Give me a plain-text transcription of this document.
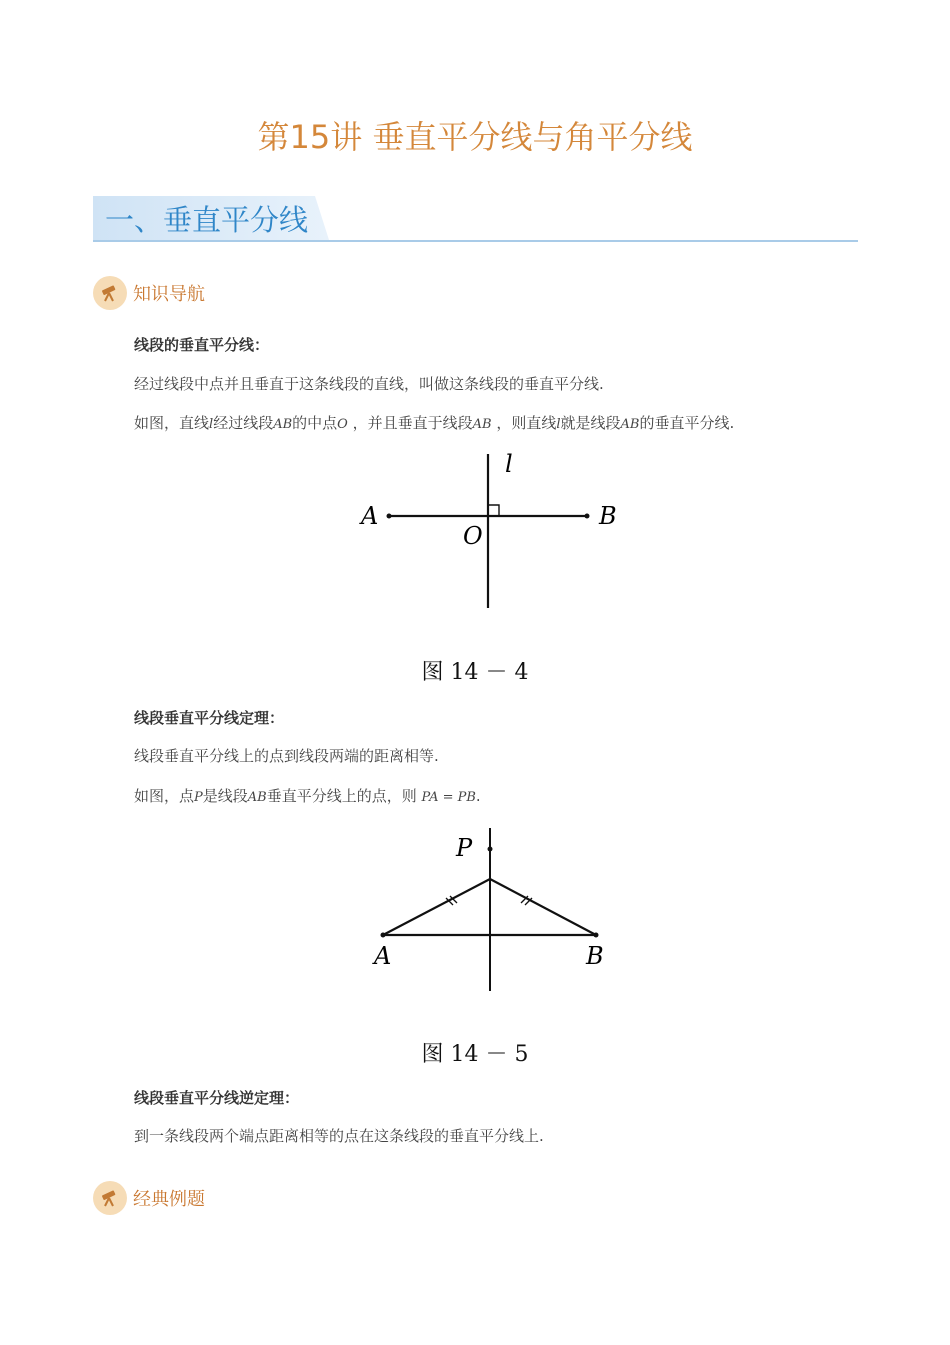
第15讲 垂直平分线与角平分线
一、垂直平分线
知识导航
线段的垂直平分线：
经过线段中点并且垂直于这条线段的直线，叫做这条线段的垂直平分线.
如图，直线l经过线段AB的中点O ，并且垂直于线段AB ，则直线l就是线段AB的垂直平分线.
l
A	B
O
图 14 － 4
线段垂直平分线定理：
线段垂直平分线上的点到线段两端的距离相等.
如图，点P是线段AB垂直平分线上的点，则 PA = PB.
P
A	B
图 14 － 5
线段垂直平分线逆定理：
到一条线段两个端点距离相等的点在这条线段的垂直平分线上.
经典例题
